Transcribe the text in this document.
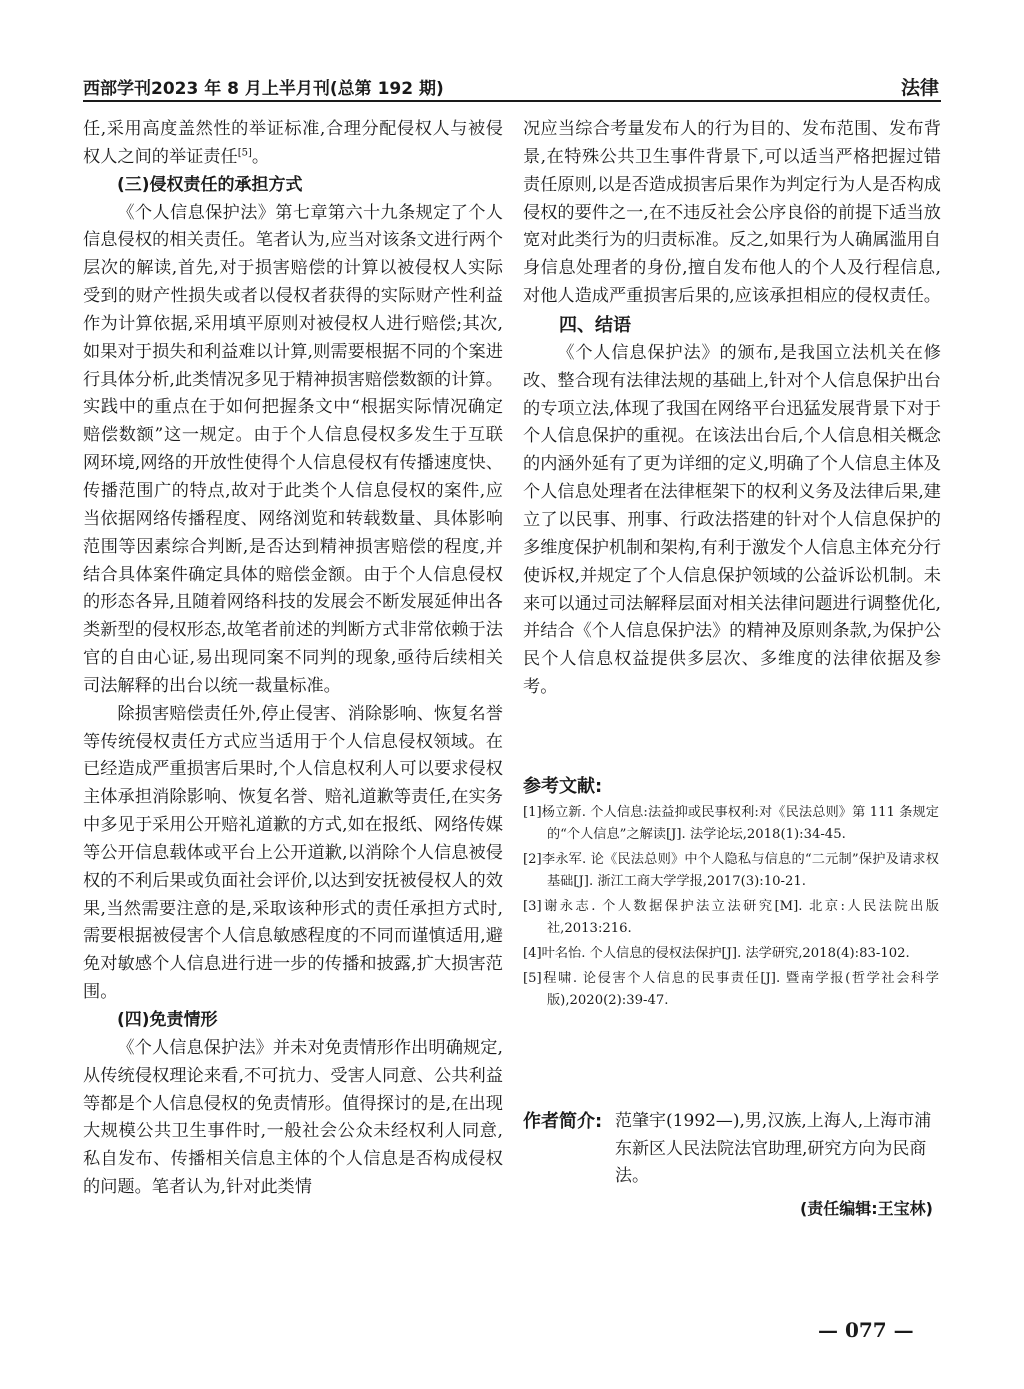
西部学刊2023 年 8 月上半月刊(总第 192 期)	法律

任,采用高度盖然性的举证标准,合理分配侵权人与被侵权人之间的举证责任[5]。

(三)侵权责任的承担方式

《个人信息保护法》第七章第六十九条规定了个人信息侵权的相关责任。笔者认为,应当对该条文进行两个层次的解读,首先,对于损害赔偿的计算以被侵权人实际受到的财产性损失或者以侵权者获得的实际财产性利益作为计算依据,采用填平原则对被侵权人进行赔偿;其次,如果对于损失和利益难以计算,则需要根据不同的个案进行具体分析,此类情况多见于精神损害赔偿数额的计算。实践中的重点在于如何把握条文中“根据实际情况确定赔偿数额”这一规定。由于个人信息侵权多发生于互联网环境,网络的开放性使得个人信息侵权有传播速度快、传播范围广的特点,故对于此类个人信息侵权的案件,应当依据网络传播程度、网络浏览和转载数量、具体影响范围等因素综合判断,是否达到精神损害赔偿的程度,并结合具体案件确定具体的赔偿金额。由于个人信息侵权的形态各异,且随着网络科技的发展会不断发展延伸出各类新型的侵权形态,故笔者前述的判断方式非常依赖于法官的自由心证,易出现同案不同判的现象,亟待后续相关司法解释的出台以统一裁量标准。

除损害赔偿责任外,停止侵害、消除影响、恢复名誉等传统侵权责任方式应当适用于个人信息侵权领域。在已经造成严重损害后果时,个人信息权利人可以要求侵权主体承担消除影响、恢复名誉、赔礼道歉等责任,在实务中多见于采用公开赔礼道歉的方式,如在报纸、网络传媒等公开信息载体或平台上公开道歉,以消除个人信息被侵权的不利后果或负面社会评价,以达到安抚被侵权人的效果,当然需要注意的是,采取该种形式的责任承担方式时,需要根据被侵害个人信息敏感程度的不同而谨慎适用,避免对敏感个人信息进行进一步的传播和披露,扩大损害范围。

(四)免责情形

《个人信息保护法》并未对免责情形作出明确规定,从传统侵权理论来看,不可抗力、受害人同意、公共利益等都是个人信息侵权的免责情形。值得探讨的是,在出现大规模公共卫生事件时,一般社会公众未经权利人同意,私自发布、传播相关信息主体的个人信息是否构成侵权的问题。笔者认为,针对此类情

况应当综合考量发布人的行为目的、发布范围、发布背景,在特殊公共卫生事件背景下,可以适当严格把握过错责任原则,以是否造成损害后果作为判定行为人是否构成侵权的要件之一,在不违反社会公序良俗的前提下适当放宽对此类行为的归责标准。反之,如果行为人确属滥用自身信息处理者的身份,擅自发布他人的个人及行程信息,对他人造成严重损害后果的,应该承担相应的侵权责任。

四、结语

《个人信息保护法》的颁布,是我国立法机关在修改、整合现有法律法规的基础上,针对个人信息保护出台的专项立法,体现了我国在网络平台迅猛发展背景下对于个人信息保护的重视。在该法出台后,个人信息相关概念的内涵外延有了更为详细的定义,明确了个人信息主体及个人信息处理者在法律框架下的权利义务及法律后果,建立了以民事、刑事、行政法搭建的针对个人信息保护的多维度保护机制和架构,有利于激发个人信息主体充分行使诉权,并规定了个人信息保护领域的公益诉讼机制。未来可以通过司法解释层面对相关法律问题进行调整优化,并结合《个人信息保护法》的精神及原则条款,为保护公民个人信息权益提供多层次、多维度的法律依据及参考。

参考文献:
[1]杨立新. 个人信息:法益抑或民事权利:对《民法总则》第 111 条规定的“个人信息”之解读[J]. 法学论坛,2018(1):34-45.
[2]李永军. 论《民法总则》中个人隐私与信息的“二元制”保护及请求权基础[J]. 浙江工商大学学报,2017(3):10-21.
[3]谢永志. 个人数据保护法立法研究[M]. 北京:人民法院出版社,2013:216.
[4]叶名怡. 个人信息的侵权法保护[J]. 法学研究,2018(4):83-102.
[5]程啸. 论侵害个人信息的民事责任[J]. 暨南学报(哲学社会科学版),2020(2):39-47.
作者简介: 范肇宇(1992—),男,汉族,上海人,上海市浦东新区人民法院法官助理,研究方向为民商法。
(责任编辑:王宝林)
— 077 —
